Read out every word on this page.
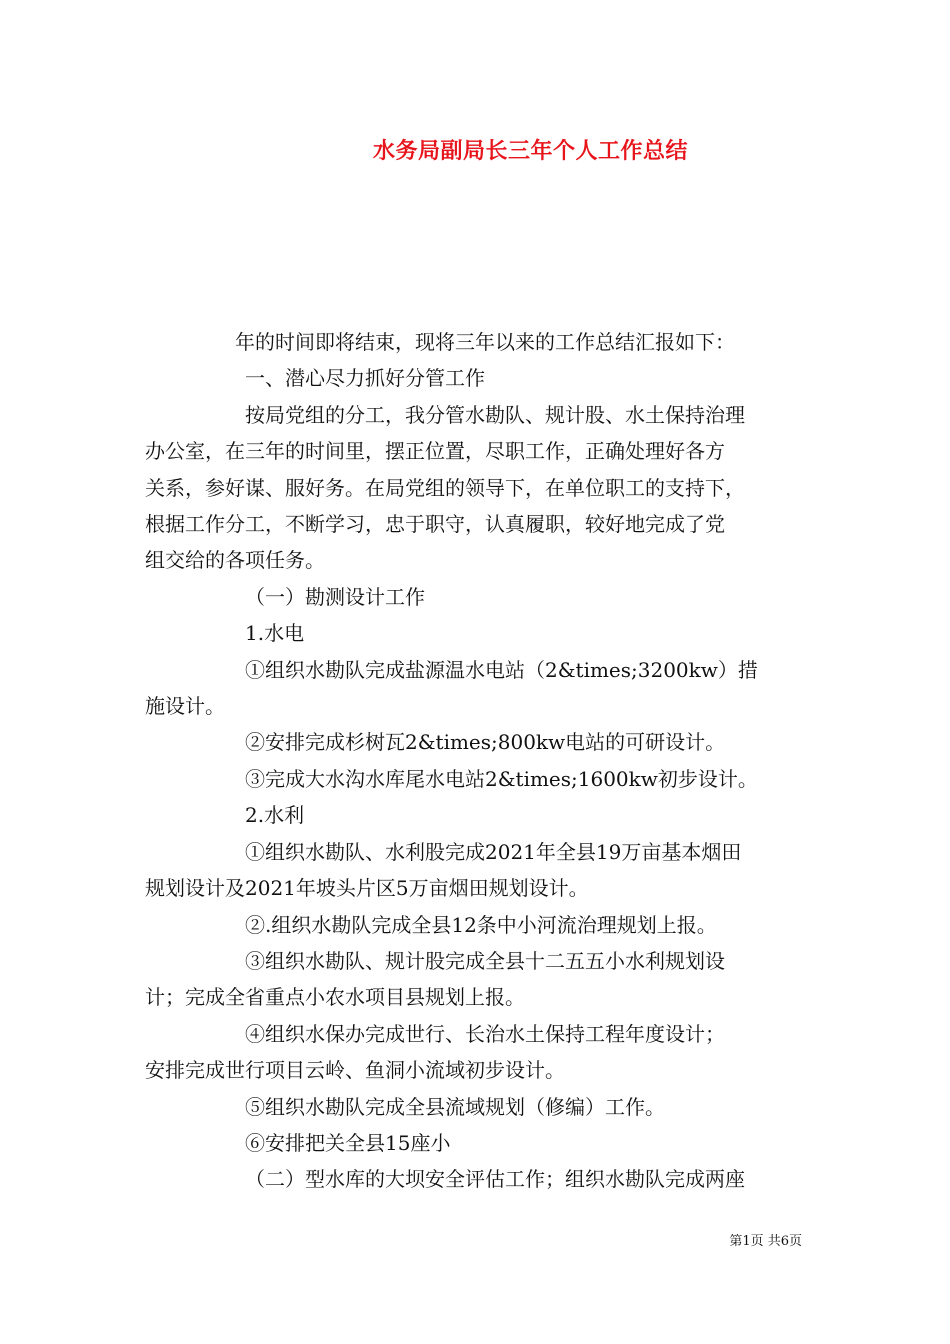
水务局副局长三年个人工作总结

年的时间即将结束，现将三年以来的工作总结汇报如下：

一、潜心尽力抓好分管工作

按局党组的分工，我分管水勘队、规计股、水土保持治理

办公室，在三年的时间里，摆正位置，尽职工作，正确处理好各方

关系，参好谋、服好务。在局党组的领导下，在单位职工的支持下，

根据工作分工，不断学习，忠于职守，认真履职，较好地完成了党

组交给的各项任务。

（一）勘测设计工作

1.水电

①组织水勘队完成盐源温水电站（2&times;3200kw）措

施设计。

②安排完成杉树瓦2&times;800kw电站的可研设计。

③完成大水沟水库尾水电站2&times;1600kw初步设计。

2.水利

①组织水勘队、水利股完成2021年全县19万亩基本烟田

规划设计及2021年坡头片区5万亩烟田规划设计。

②.组织水勘队完成全县12条中小河流治理规划上报。

③组织水勘队、规计股完成全县十二五五小水利规划设

计；完成全省重点小农水项目县规划上报。

④组织水保办完成世行、长治水土保持工程年度设计；

安排完成世行项目云岭、鱼洞小流域初步设计。

⑤组织水勘队完成全县流域规划（修编）工作。

⑥安排把关全县15座小

（二）型水库的大坝安全评估工作；组织水勘队完成两座

第1页 共6页
